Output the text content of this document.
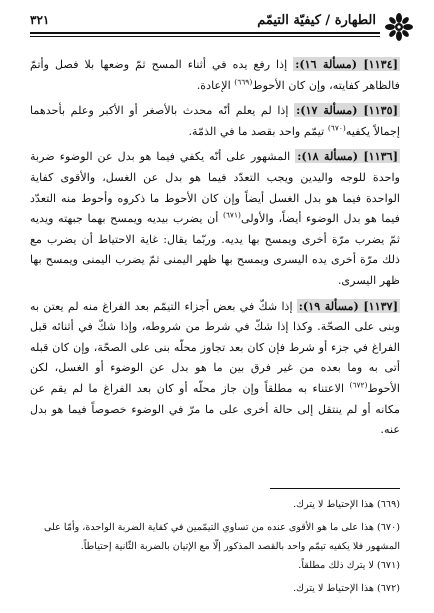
الطهارة / كيفيّة التيمّم
٣٢١

[١١٣٤] (مسألة ١٦): إذا رفع يده في أثناء المسح ثمّ وضعها بلا فصل وأتمّ فالظاهر كفايته، وإن كان الأحوط$^{(٦٦٩)}$ الإعادة.

[١١٣٥] (مسألة ١٧): إذا لم يعلم أنّه محدث بالأصغر أو الأكبر وعلم بأحدهما إجمالاً يكفيه$^{(٦٧٠)}$ تيمّم واحد بقصد ما في الذمّة.

[١١٣٦] (مسألة ١٨): المشهور على أنّه يكفي فيما هو بدل عن الوضوء ضربة واحدة للوجه واليدين ويجب التعدّد فيما هو بدل عن الغسل، والأقوى كفاية الواحدة فيما هو بدل الغسل أيضاً وإن كان الأحوط ما ذكروه وأحوط منه التعدّد فيما هو بدل الوضوء أيضاً، والأولى$^{(٦٧١)}$ أن يضرب بيديه ويمسح بهما جبهته ويديه ثمّ يضرب مرّة أخرى ويمسح بها يديه. وربّما يقال: غاية الاحتياط أن يضرب مع ذلك مرّة أخرى يده اليسرى ويمسح بها ظهر اليمنى ثمّ يضرب اليمنى ويمسح بها ظهر اليسرى.

[١١٣٧] (مسألة ١٩): إذا شكّ في بعض أجزاء التيمّم بعد الفراغ منه لم يعتن به وبنى على الصحّة. وكذا إذا شكّ في شرط من شروطه، وإذا شكّ في أثنائه قبل الفراغ في جزء أو شرط فإن كان بعد تجاوز محلّه بنى على الصحّة، وإن كان قبله أتى به وما بعده من غير فرق بين ما هو بدل عن الوضوء أو الغسل، لكن الأحوط$^{(٦٧٢)}$ الاعتناء به مطلقاً وإن جاز محلّه أو كان بعد الفراغ ما لم يقم عن مكانه أو لم ينتقل إلى حالة أخرى على ما مرّ في الوضوء خصوصاً فيما هو بدل عنه.

(٦٦٩) هذا الإحتياط لا يترك.

(٦٧٠) هذا على ما هو الأقوى عنده من تساوي التيمّمين في كفاية الضربة الواحدة، وأمّا على المشهور فلا يكفيه تيمّم واحد بالقصد المذكور إلّا مع الإتيان بالضربة الثّانية إحتياطاً.

(٦٧١) لا يترك ذلك مطلقاً.

(٦٧٢) هذا الإحتياط لا يترك.
